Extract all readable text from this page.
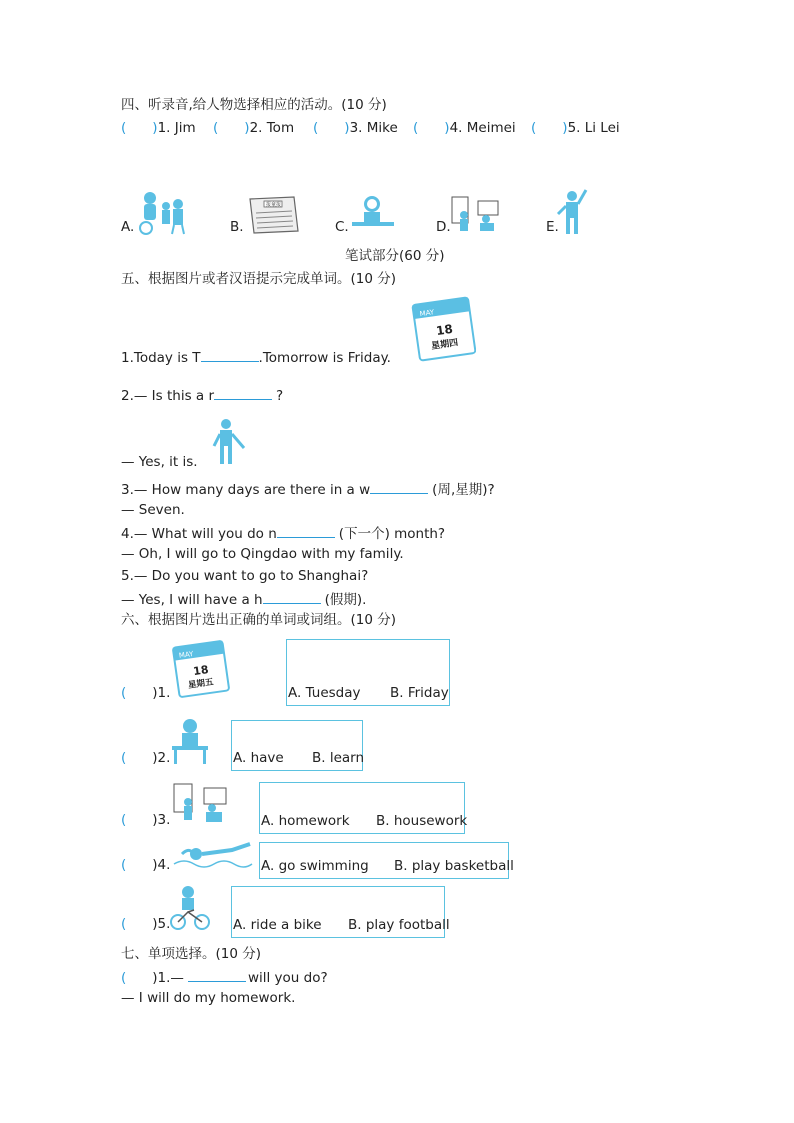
四、听录音,给人物选择相应的活动。(10 分)
( )1. Jim ( )2. Tom ( )3. Mike ( )4. Meimei ( )5. Li Lei
A.	B.
报童报
C.	D.	E.
笔试部分(60 分)
五、根据图片或者汉语提示完成单词。(10 分)
MAY
18
星期四
1.Today is T	.Tomorrow is Friday.
2.— Is this a r	?
— Yes, it is.
3.— How many days are there in a w	(周,星期)?
— Seven.
4.— What will you do n	(下一个) month?
— Oh, I will go to Qingdao with my family.
5.— Do you want to go to Shanghai?
— Yes, I will have a h	(假期).
六、根据图片选出正确的单词或词组。(10 分)
( )1.
MAY
18
星期五
A. Tuesday B. Friday
( )2.	A. have B. learn
( )3.	A. homework B. housework
( )4.	A. go swimming B. play basketball
( )5.	A. ride a bike B. play football
七、单项选择。(10 分)
( )1.—	will you do?
— I will do my homework.
